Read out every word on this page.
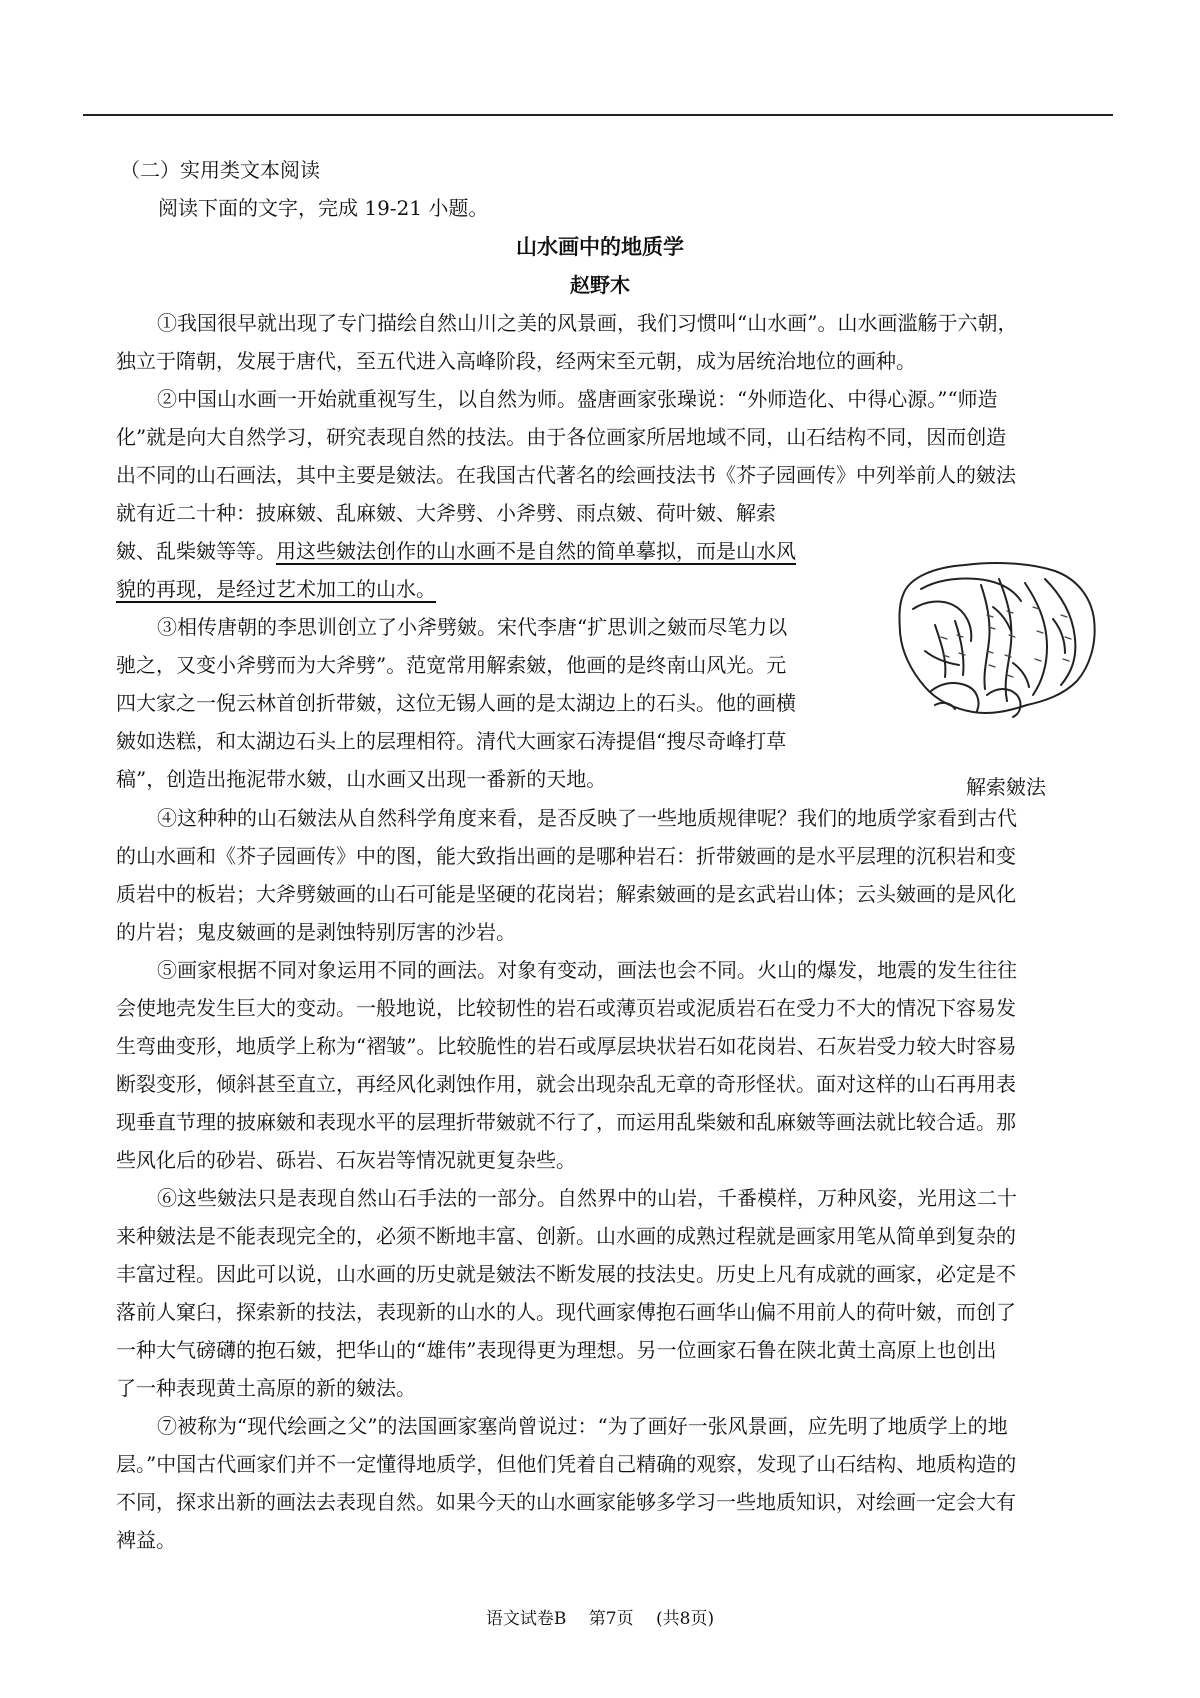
（二）实用类文本阅读
阅读下面的文字，完成 19-21 小题。
山水画中的地质学
赵野木
①我国很早就出现了专门描绘自然山川之美的风景画，我们习惯叫“山水画”。山水画滥觞于六朝，
独立于隋朝，发展于唐代，至五代进入高峰阶段，经两宋至元朝，成为居统治地位的画种。
②中国山水画一开始就重视写生，以自然为师。盛唐画家张璪说：“外师造化、中得心源。”“师造
化”就是向大自然学习，研究表现自然的技法。由于各位画家所居地域不同，山石结构不同，因而创造
出不同的山石画法，其中主要是皴法。在我国古代著名的绘画技法书《芥子园画传》中列举前人的皴法
就有近二十种：披麻皴、乱麻皴、大斧劈、小斧劈、雨点皴、荷叶皴、解索
皴、乱柴皴等等。用这些皴法创作的山水画不是自然的简单摹拟，而是山水风
貌的再现，是经过艺术加工的山水。
③相传唐朝的李思训创立了小斧劈皴。宋代李唐“扩思训之皴而尽笔力以
驰之，又变小斧劈而为大斧劈”。范宽常用解索皴，他画的是终南山风光。元
四大家之一倪云林首创折带皴，这位无锡人画的是太湖边上的石头。他的画横
皴如迭糕，和太湖边石头上的层理相符。清代大画家石涛提倡“搜尽奇峰打草
稿”，创造出拖泥带水皴，山水画又出现一番新的天地。
④这种种的山石皴法从自然科学角度来看，是否反映了一些地质规律呢？我们的地质学家看到古代
的山水画和《芥子园画传》中的图，能大致指出画的是哪种岩石：折带皴画的是水平层理的沉积岩和变
质岩中的板岩；大斧劈皴画的山石可能是坚硬的花岗岩；解索皴画的是玄武岩山体；云头皴画的是风化
的片岩；鬼皮皴画的是剥蚀特别厉害的沙岩。
⑤画家根据不同对象运用不同的画法。对象有变动，画法也会不同。火山的爆发，地震的发生往往
会使地壳发生巨大的变动。一般地说，比较韧性的岩石或薄页岩或泥质岩石在受力不大的情况下容易发
生弯曲变形，地质学上称为“褶皱”。比较脆性的岩石或厚层块状岩石如花岗岩、石灰岩受力较大时容易
断裂变形，倾斜甚至直立，再经风化剥蚀作用，就会出现杂乱无章的奇形怪状。面对这样的山石再用表
现垂直节理的披麻皴和表现水平的层理折带皴就不行了，而运用乱柴皴和乱麻皴等画法就比较合适。那
些风化后的砂岩、砾岩、石灰岩等情况就更复杂些。
⑥这些皴法只是表现自然山石手法的一部分。自然界中的山岩，千番模样，万种风姿，光用这二十
来种皴法是不能表现完全的，必须不断地丰富、创新。山水画的成熟过程就是画家用笔从简单到复杂的
丰富过程。因此可以说，山水画的历史就是皴法不断发展的技法史。历史上凡有成就的画家，必定是不
落前人窠臼，探索新的技法，表现新的山水的人。现代画家傅抱石画华山偏不用前人的荷叶皴，而创了
一种大气磅礴的抱石皴，把华山的“雄伟”表现得更为理想。另一位画家石鲁在陕北黄土高原上也创出
了一种表现黄土高原的新的皴法。
⑦被称为“现代绘画之父”的法国画家塞尚曾说过：“为了画好一张风景画，应先明了地质学上的地
层。”中国古代画家们并不一定懂得地质学，但他们凭着自己精确的观察，发现了山石结构、地质构造的
不同，探求出新的画法去表现自然。如果今天的山水画家能够多学习一些地质知识，对绘画一定会大有
裨益。
解索皴法
语文试卷B　 第7页　 (共8页)
